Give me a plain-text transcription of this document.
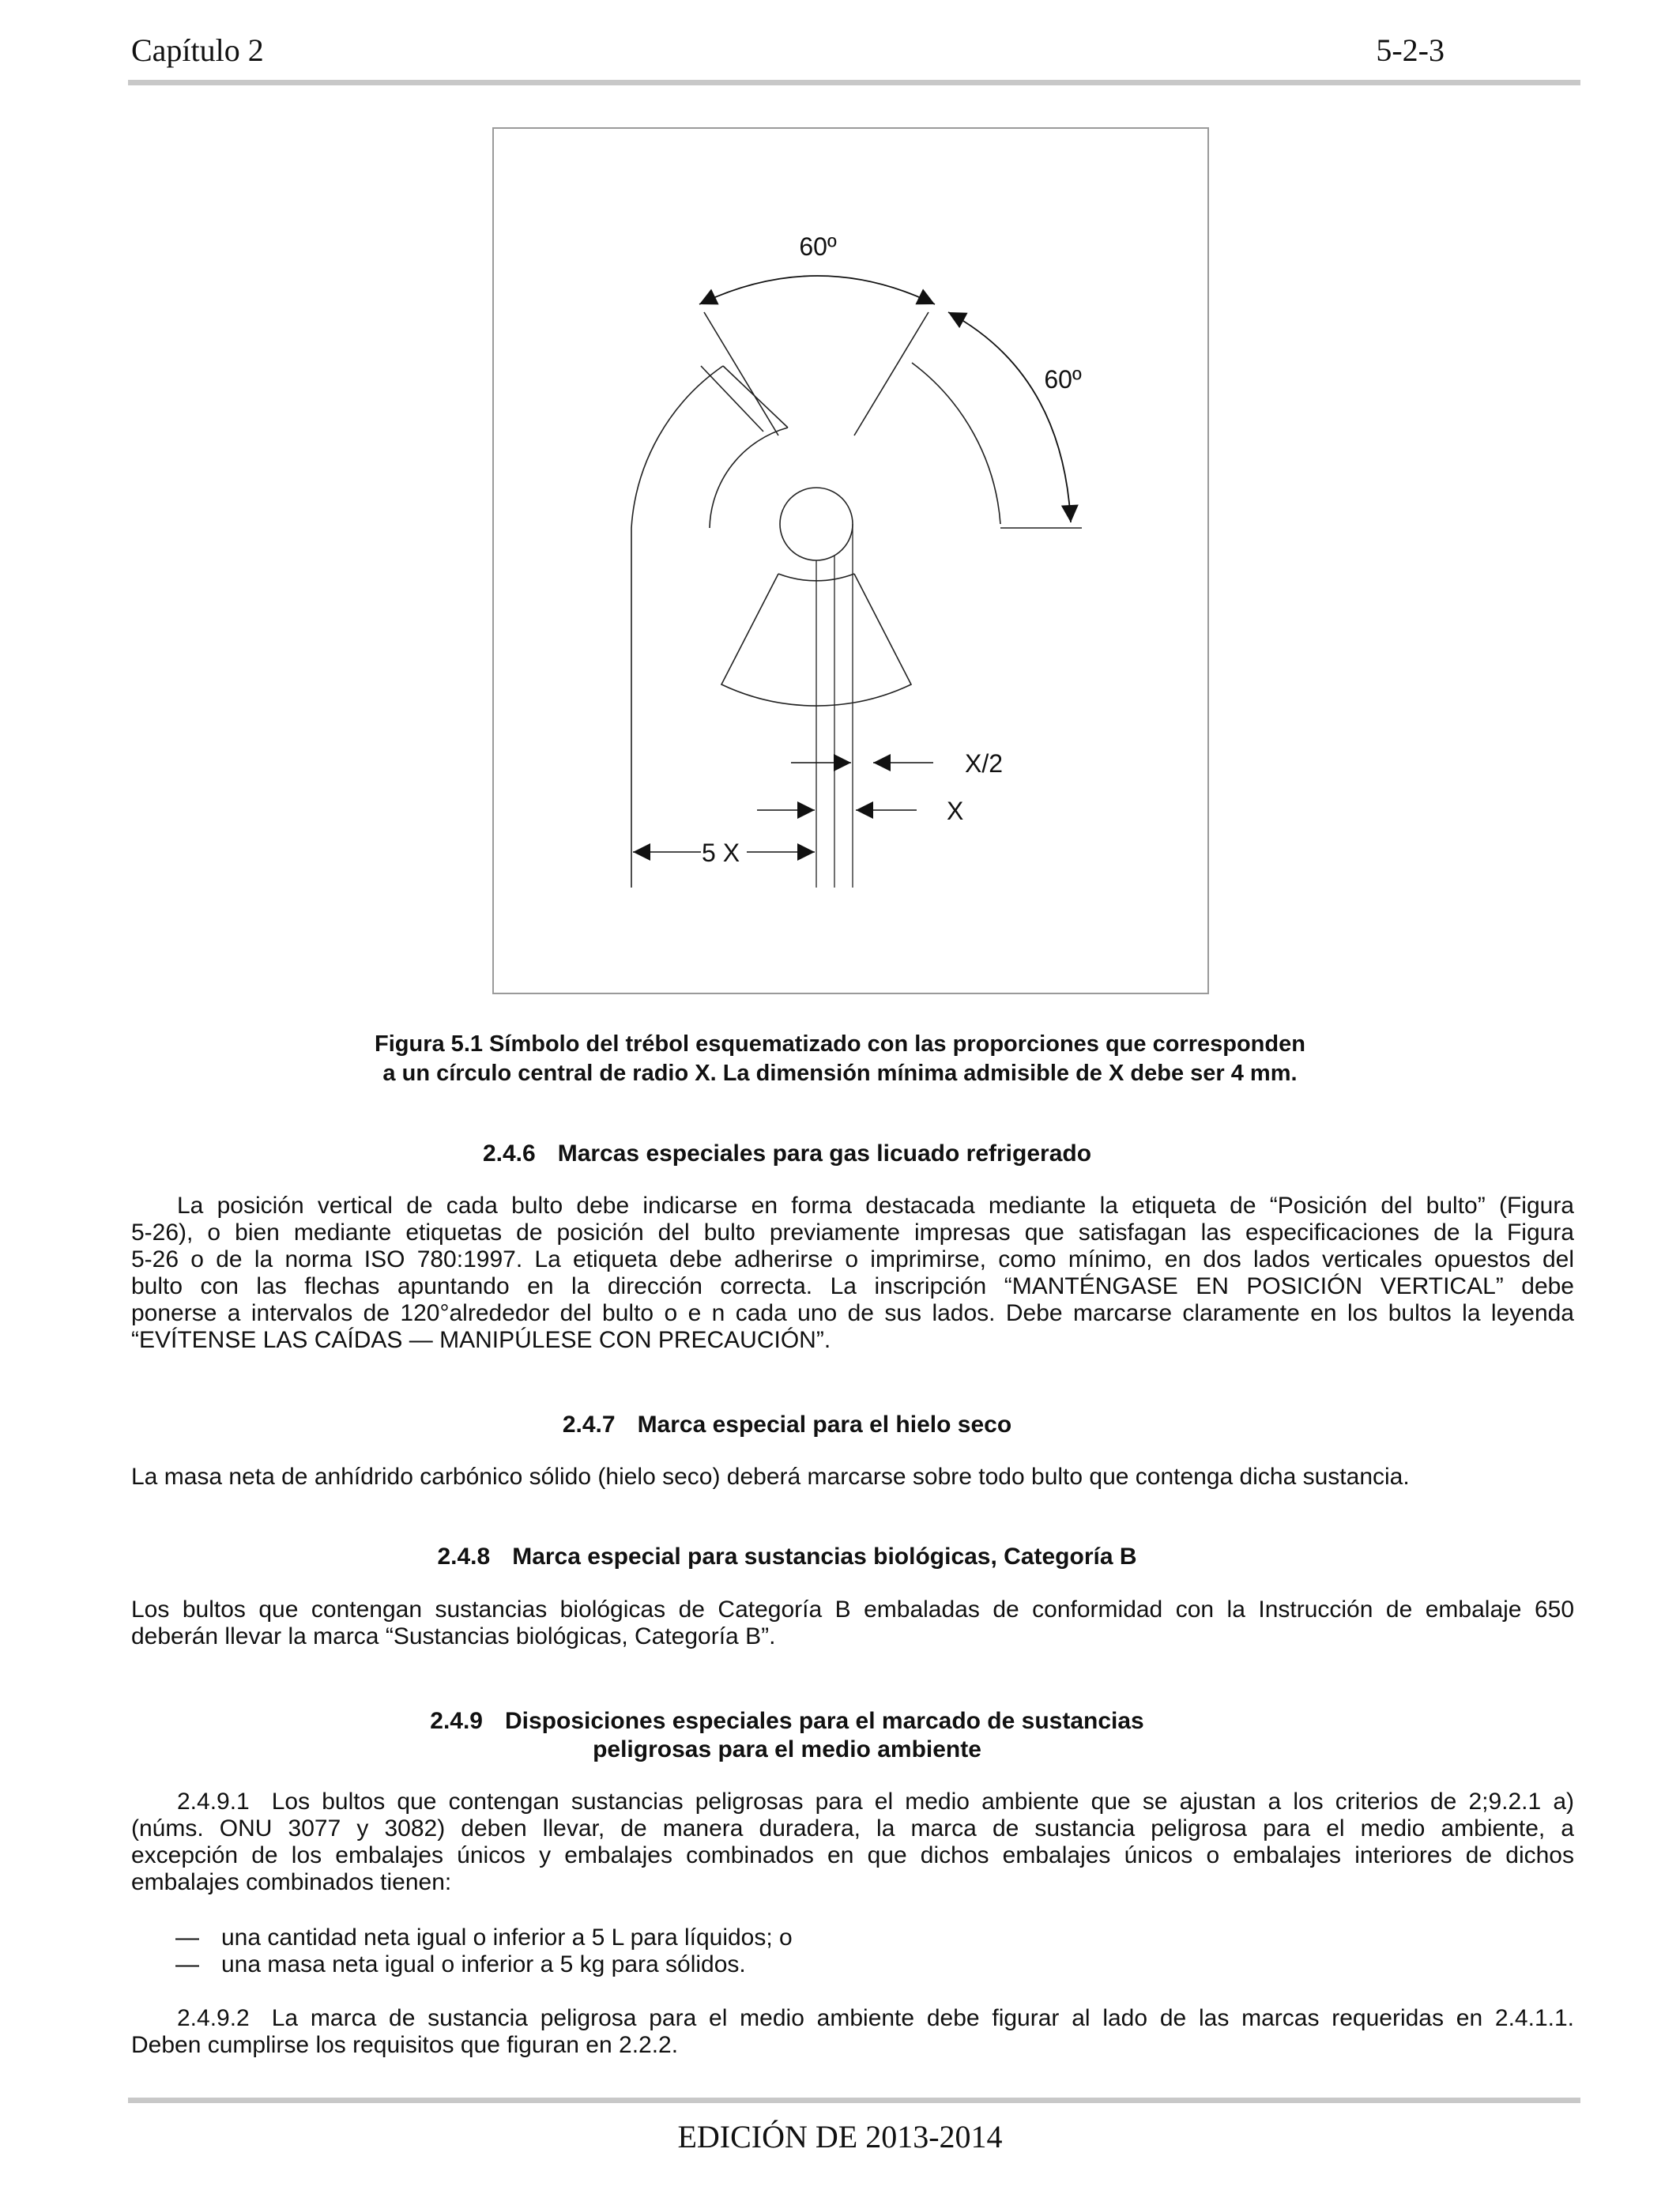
Capítulo 2	5-2-3
60º
60º
X/2
X
5 X
Figura 5.1 Símbolo del trébol esquematizado con las proporciones que corresponden
a un círculo central de radio X. La dimensión mínima admisible de X debe ser 4 mm.
2.4.6 Marcas especiales para gas licuado refrigerado
La posición vertical de cada bulto debe indicarse en forma destacada mediante la etiqueta de “Posición del bulto” (Figura
5-26), o bien mediante etiquetas de posición del bulto previamente impresas que satisfagan las especificaciones de la Figura
5-26 o de la norma ISO 780:1997. La etiqueta debe adherirse o imprimirse, como mínimo, en dos lados verticales opuestos del
bulto con las flechas apuntando en la dirección correcta. La inscripción “MANTÉNGASE EN POSICIÓN VERTICAL” debe
ponerse a intervalos de 120°alrededor del bulto o e n cada uno de sus lados. Debe marcarse claramente en los bultos la leyenda
“EVÍTENSE LAS CAÍDAS — MANIPÚLESE CON PRECAUCIÓN”.
2.4.7 Marca especial para el hielo seco
La masa neta de anhídrido carbónico sólido (hielo seco) deberá marcarse sobre todo bulto que contenga dicha sustancia.
2.4.8 Marca especial para sustancias biológicas, Categoría B
Los bultos que contengan sustancias biológicas de Categoría B embaladas de conformidad con la Instrucción de embalaje 650
deberán llevar la marca “Sustancias biológicas, Categoría B”.
2.4.9 Disposiciones especiales para el marcado de sustancias
peligrosas para el medio ambiente
2.4.9.1 Los bultos que contengan sustancias peligrosas para el medio ambiente que se ajustan a los criterios de 2;9.2.1 a)
(núms. ONU 3077 y 3082) deben llevar, de manera duradera, la marca de sustancia peligrosa para el medio ambiente, a
excepción de los embalajes únicos y embalajes combinados en que dichos embalajes únicos o embalajes interiores de dichos
embalajes combinados tienen:
— una cantidad neta igual o inferior a 5 L para líquidos; o
— una masa neta igual o inferior a 5 kg para sólidos.
2.4.9.2 La marca de sustancia peligrosa para el medio ambiente debe figurar al lado de las marcas requeridas en 2.4.1.1.
Deben cumplirse los requisitos que figuran en 2.2.2.
EDICIÓN DE 2013-2014
